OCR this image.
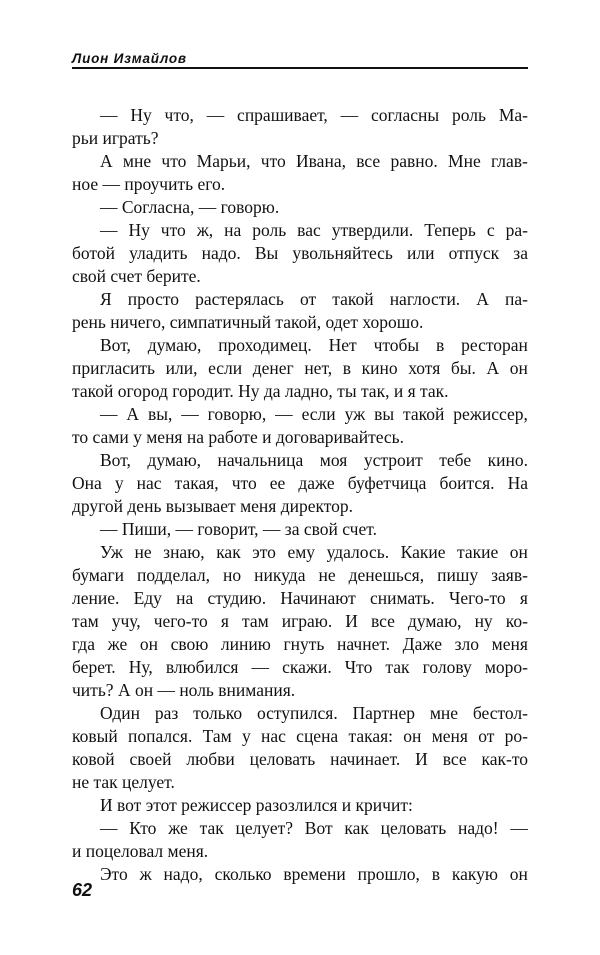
Лион Измайлов
— Ну что, — спрашивает, — согласны роль Ма-
рьи играть?
А мне что Марьи, что Ивана, все равно. Мне глав-
ное — проучить его.
— Согласна, — говорю.
— Ну что ж, на роль вас утвердили. Теперь с ра-
ботой уладить надо. Вы увольняйтесь или отпуск за
свой счет берите.
Я просто растерялась от такой наглости. А па-
рень ничего, симпатичный такой, одет хорошо.
Вот, думаю, проходимец. Нет чтобы в ресторан
пригласить или, если денег нет, в кино хотя бы. А он
такой огород городит. Ну да ладно, ты так, и я так.
— А вы, — говорю, — если уж вы такой режиссер,
то сами у меня на работе и договаривайтесь.
Вот, думаю, начальница моя устроит тебе кино.
Она у нас такая, что ее даже буфетчица боится. На
другой день вызывает меня директор.
— Пиши, — говорит, — за свой счет.
Уж не знаю, как это ему удалось. Какие такие он
бумаги подделал, но никуда не денешься, пишу заяв-
ление. Еду на студию. Начинают снимать. Чего-то я
там учу, чего-то я там играю. И все думаю, ну ко-
гда же он свою линию гнуть начнет. Даже зло меня
берет. Ну, влюбился — скажи. Что так голову моро-
чить? А он — ноль внимания.
Один раз только оступился. Партнер мне бестол-
ковый попался. Там у нас сцена такая: он меня от ро-
ковой своей любви целовать начинает. И все как-то
не так целует.
И вот этот режиссер разозлился и кричит:
— Кто же так целует? Вот как целовать надо! —
и поцеловал меня.
Это ж надо, сколько времени прошло, в какую он
62
